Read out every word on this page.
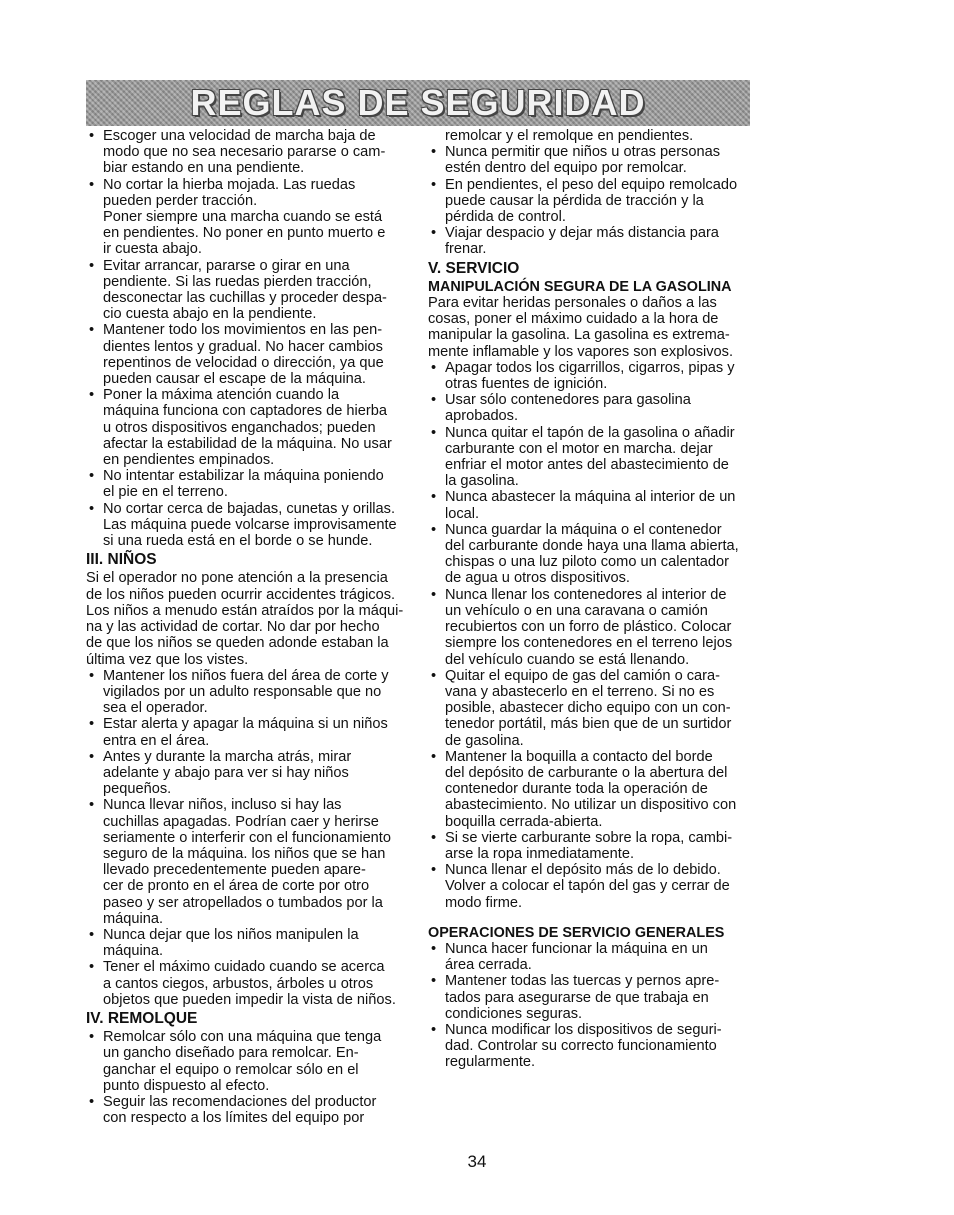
REGLAS DE SEGURIDAD
• Escoger una velocidad de marcha baja de
modo que no sea necesario pararse o cam-
biar estando en una pendiente.
• No cortar la hierba mojada. Las ruedas
pueden perder tracción.
Poner siempre una marcha cuando se está
en pendientes. No poner en punto muerto e
ir cuesta abajo.
• Evitar arrancar, pararse o girar en una
pendiente. Si las ruedas pierden tracción,
desconectar las cuchillas y proceder despa-
cio cuesta abajo en la pendiente.
• Mantener todo los movimientos en las pen-
dientes lentos y gradual. No hacer cambios
repentinos de velocidad o dirección, ya que
pueden causar el escape de la máquina.
• Poner la máxima atención cuando la
máquina funciona con captadores de hierba
u otros dispositivos enganchados; pueden
afectar la estabilidad de la máquina. No usar
en pendientes empinados.
• No intentar estabilizar la máquina poniendo
el pie en el terreno.
• No cortar cerca de bajadas, cunetas y orillas.
Las máquina puede volcarse improvisamente
si una rueda está en el borde o se hunde.
III. NIÑOS
Si el operador no pone atención a la presencia
de los niños pueden ocurrir accidentes trágicos.
Los niños a menudo están atraídos por la máqui-
na y las actividad de cortar. No dar por hecho
de que los niños se queden adonde estaban la
última vez que los vistes.
• Mantener los niños fuera del área de corte y
vigilados por un adulto responsable que no
sea el operador.
• Estar alerta y apagar la máquina si un niños
entra en el área.
• Antes y durante la marcha atrás, mirar
adelante y abajo para ver si hay niños
pequeños.
• Nunca llevar niños, incluso si hay las
cuchillas apagadas. Podrían caer y herirse
seriamente o interferir con el funcionamiento
seguro de la máquina. los niños que se han
llevado precedentemente pueden apare-
cer de pronto en el área de corte por otro
paseo y ser atropellados o tumbados por la
máquina.
• Nunca dejar que los niños manipulen la
máquina.
• Tener el máximo cuidado cuando se acerca
a cantos ciegos, arbustos, árboles u otros
objetos que pueden impedir la vista de niños.
IV. REMOLQUE
• Remolcar sólo con una máquina que tenga
un gancho diseñado para remolcar. En-
ganchar el equipo o remolcar sólo en el
punto dispuesto al efecto.
• Seguir las recomendaciones del productor
con respecto a los límites del equipo por
remolcar y el remolque en pendientes.
• Nunca permitir que niños u otras personas
estén dentro del equipo por remolcar.
• En pendientes, el peso del equipo remolcado
puede causar la pérdida de tracción y la
pérdida de control.
• Viajar despacio y dejar más distancia para
frenar.
V. SERVICIO
MANIPULACIÓN SEGURA DE LA GASOLINA
Para evitar heridas personales o daños a las
cosas, poner el máximo cuidado a la hora de
manipular la gasolina. La gasolina es extrema-
mente inflamable y los vapores son explosivos.
• Apagar todos los cigarrillos, cigarros, pipas y
otras fuentes de ignición.
• Usar sólo contenedores para gasolina
aprobados.
• Nunca quitar el tapón de la gasolina o añadir
carburante con el motor en marcha. dejar
enfriar el motor antes del abastecimiento de
la gasolina.
• Nunca abastecer la máquina al interior de un
local.
• Nunca guardar la máquina o el contenedor
del carburante donde haya una llama abierta,
chispas o una luz piloto como un calentador
de agua u otros dispositivos.
• Nunca llenar los contenedores al interior de
un vehículo o en una caravana o camión
recubiertos con un forro de plástico. Colocar
siempre los contenedores en el terreno lejos
del vehículo cuando se está llenando.
• Quitar el equipo de gas del camión o cara-
vana y abastecerlo en el terreno. Si no es
posible, abastecer dicho equipo con un con-
tenedor portátil, más bien que de un surtidor
de gasolina.
• Mantener la boquilla a contacto del borde
del depósito de carburante o la abertura del
contenedor durante toda la operación de
abastecimiento. No utilizar un dispositivo con
boquilla cerrada-abierta.
• Si se vierte carburante sobre la ropa, cambi-
arse la ropa inmediatamente.
• Nunca llenar el depósito más de lo debido.
Volver a colocar el tapón del gas y cerrar de
modo firme.
OPERACIONES DE SERVICIO GENERALES
• Nunca hacer funcionar la máquina en un
área cerrada.
• Mantener todas las tuercas y pernos apre-
tados para asegurarse de que trabaja en
condiciones seguras.
• Nunca modificar los dispositivos de seguri-
dad. Controlar su correcto funcionamiento
regularmente.
34
